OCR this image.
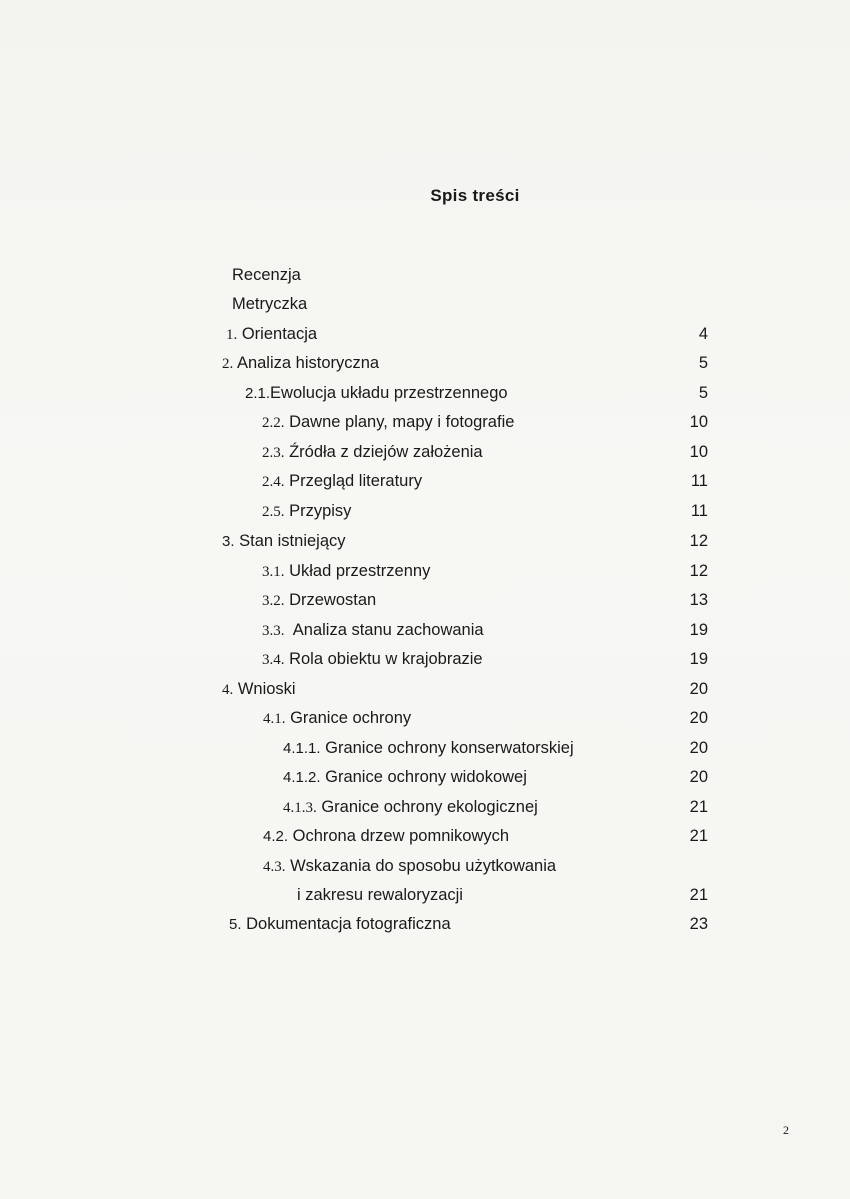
Spis treści
Recenzja
Metryczka
1. Orientacja	4
2. Analiza historyczna	5
2.1.Ewolucja układu przestrzennego	5
2.2. Dawne plany, mapy i fotografie	10
2.3. Źródła z dziejów założenia	10
2.4. Przegląd literatury	11
2.5. Przypisy	11
3. Stan istniejący	12
3.1. Układ przestrzenny	12
3.2. Drzewostan	13
3.3. Analiza stanu zachowania	19
3.4. Rola obiektu w krajobrazie	19
4. Wnioski	20
4.1. Granice ochrony	20
4.1.1. Granice ochrony konserwatorskiej	20
4.1.2. Granice ochrony widokowej	20
4.1.3. Granice ochrony ekologicznej	21
4.2. Ochrona drzew pomnikowych	21
4.3. Wskazania do sposobu użytkowania
i zakresu rewaloryzacji	21
5. Dokumentacja fotograficzna	23
2
